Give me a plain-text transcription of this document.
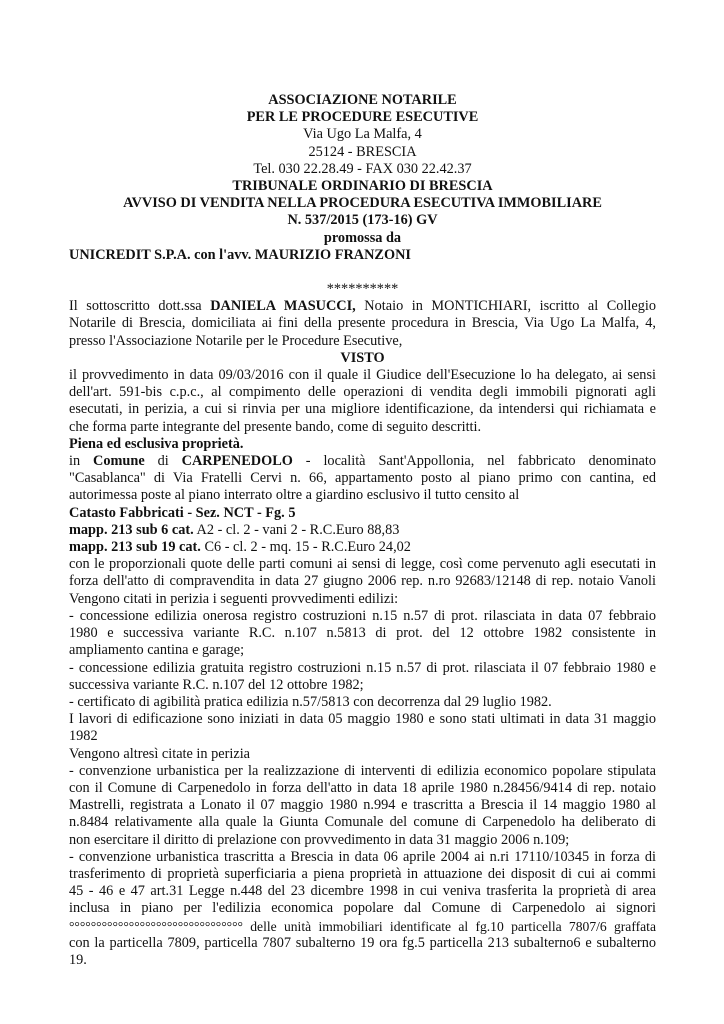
ASSOCIAZIONE NOTARILE
PER LE PROCEDURE ESECUTIVE
Via Ugo La Malfa, 4
25124 - BRESCIA
Tel. 030 22.28.49 - FAX 030 22.42.37
TRIBUNALE ORDINARIO DI BRESCIA
AVVISO DI VENDITA NELLA PROCEDURA ESECUTIVA IMMOBILIARE
N. 537/2015 (173-16) GV
promossa da
UNICREDIT S.P.A. con l'avv. MAURIZIO FRANZONI
**********
Il sottoscritto dott.ssa DANIELA MASUCCI, Notaio in MONTICHIARI, iscritto al Collegio
Notarile di Brescia, domiciliata ai fini della presente procedura in Brescia, Via Ugo La Malfa, 4,
presso l'Associazione Notarile per le Procedure Esecutive,
VISTO
il provvedimento in data 09/03/2016 con il quale il Giudice dell'Esecuzione lo ha delegato, ai sensi
dell'art. 591-bis c.p.c., al compimento delle operazioni di vendita degli immobili pignorati agli
esecutati, in perizia, a cui si rinvia per una migliore identificazione, da intendersi qui richiamata e
che forma parte integrante del presente bando, come di seguito descritti.
Piena ed esclusiva proprietà.
in Comune di CARPENEDOLO - località Sant'Appollonia, nel fabbricato denominato
"Casablanca" di Via Fratelli Cervi n. 66, appartamento posto al piano primo con cantina, ed
autorimessa poste al piano interrato oltre a giardino esclusivo il tutto censito al
Catasto Fabbricati - Sez. NCT - Fg. 5
mapp. 213 sub 6 cat. A2 - cl. 2 - vani 2 - R.C.Euro 88,83
mapp. 213 sub 19 cat. C6 - cl. 2 - mq. 15 - R.C.Euro 24,02
con le proporzionali quote delle parti comuni ai sensi di legge, così come pervenuto agli esecutati in
forza dell'atto di compravendita in data 27 giugno 2006 rep. n.ro 92683/12148 di rep. notaio Vanoli
Vengono citati in perizia i seguenti provvedimenti edilizi:
- concessione edilizia onerosa registro costruzioni n.15 n.57 di prot. rilasciata in data 07 febbraio
1980 e successiva variante R.C. n.107 n.5813 di prot. del 12 ottobre 1982 consistente in
ampliamento cantina e garage;
- concessione edilizia gratuita registro costruzioni n.15 n.57 di prot. rilasciata il 07 febbraio 1980 e
successiva variante R.C. n.107 del 12 ottobre 1982;
- certificato di agibilità pratica edilizia n.57/5813 con decorrenza dal 29 luglio 1982.
I lavori di edificazione sono iniziati in data 05 maggio 1980 e sono stati ultimati in data 31 maggio
1982
Vengono altresì citate in perizia
- convenzione urbanistica per la realizzazione di interventi di edilizia economico popolare stipulata
con il Comune di Carpenedolo in forza dell'atto in data 18 aprile 1980 n.28456/9414 di rep. notaio
Mastrelli, registrata a Lonato il 07 maggio 1980 n.994 e trascritta a Brescia il 14 maggio 1980 al
n.8484 relativamente alla quale la Giunta Comunale del comune di Carpenedolo ha deliberato di
non esercitare il diritto di prelazione con provvedimento in data 31 maggio 2006 n.109;
- convenzione urbanistica trascritta a Brescia in data 06 aprile 2004 ai n.ri 17110/10345 in forza di
trasferimento di proprietà superficiaria a piena proprietà in attuazione dei disposit di cui ai commi
45 - 46 e 47 art.31 Legge n.448 del 23 dicembre 1998 in cui veniva trasferita la proprietà di area
inclusa in piano per l'edilizia economica popolare dal Comune di Carpenedolo ai signori
°°°°°°°°°°°°°°°°°°°°°°°°°°°°°°°° delle unità immobiliari identificate al fg.10 particella 7807/6 graffata
con la particella 7809, particella 7807 subalterno 19 ora fg.5 particella 213 subalterno6 e subalterno
19.
